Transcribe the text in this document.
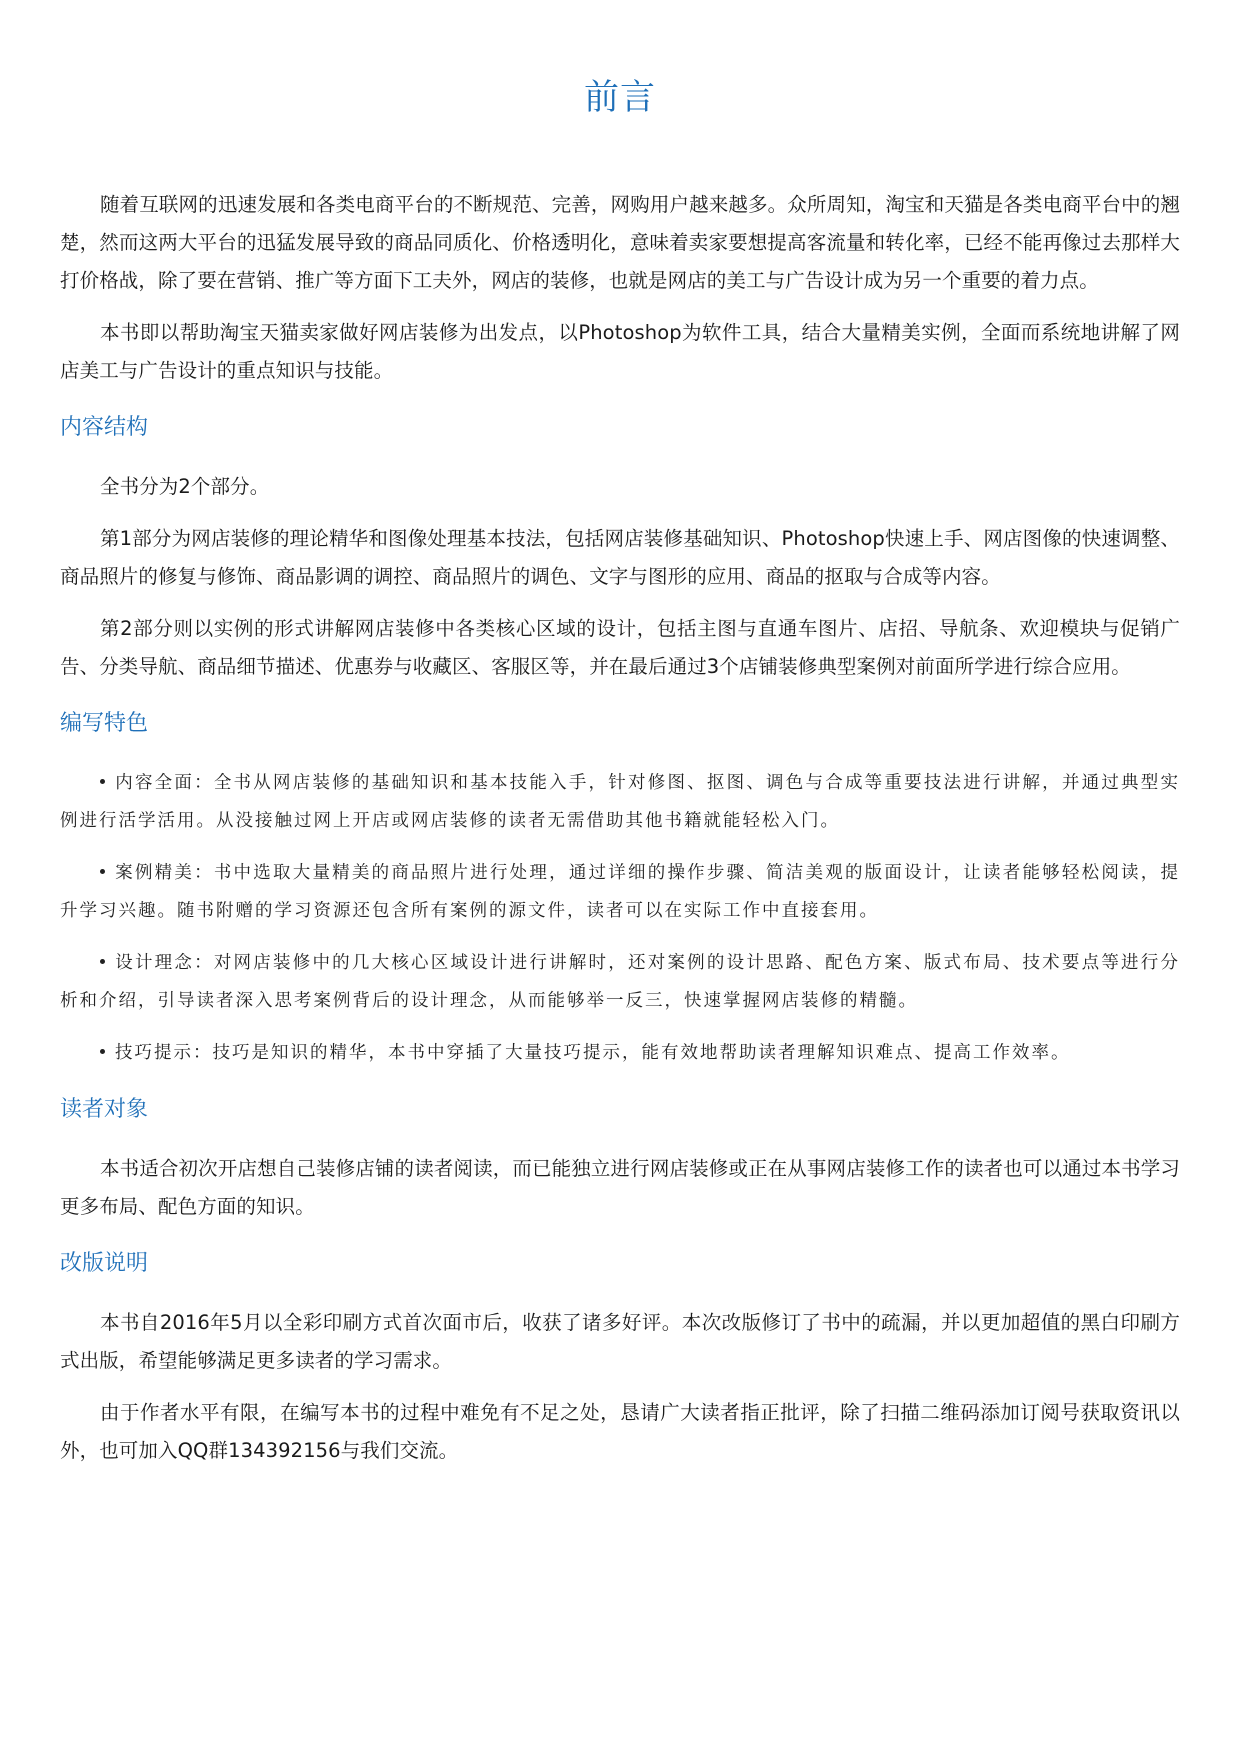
前言

随着互联网的迅速发展和各类电商平台的不断规范、完善，网购用户越来越多。众所周知，淘宝和天猫是各类电商平台中的翘楚，然而这两大平台的迅猛发展导致的商品同质化、价格透明化，意味着卖家要想提高客流量和转化率，已经不能再像过去那样大打价格战，除了要在营销、推广等方面下工夫外，网店的装修，也就是网店的美工与广告设计成为另一个重要的着力点。

本书即以帮助淘宝天猫卖家做好网店装修为出发点，以Photoshop为软件工具，结合大量精美实例，全面而系统地讲解了网店美工与广告设计的重点知识与技能。

内容结构

全书分为2个部分。

第1部分为网店装修的理论精华和图像处理基本技法，包括网店装修基础知识、Photoshop快速上手、网店图像的快速调整、商品照片的修复与修饰、商品影调的调控、商品照片的调色、文字与图形的应用、商品的抠取与合成等内容。

第2部分则以实例的形式讲解网店装修中各类核心区域的设计，包括主图与直通车图片、店招、导航条、欢迎模块与促销广告、分类导航、商品细节描述、优惠券与收藏区、客服区等，并在最后通过3个店铺装修典型案例对前面所学进行综合应用。

编写特色

内容全面：全书从网店装修的基础知识和基本技能入手，针对修图、抠图、调色与合成等重要技法进行讲解，并通过典型实例进行活学活用。从没接触过网上开店或网店装修的读者无需借助其他书籍就能轻松入门。

案例精美：书中选取大量精美的商品照片进行处理，通过详细的操作步骤、简洁美观的版面设计，让读者能够轻松阅读，提升学习兴趣。随书附赠的学习资源还包含所有案例的源文件，读者可以在实际工作中直接套用。

设计理念：对网店装修中的几大核心区域设计进行讲解时，还对案例的设计思路、配色方案、版式布局、技术要点等进行分析和介绍，引导读者深入思考案例背后的设计理念，从而能够举一反三，快速掌握网店装修的精髓。

技巧提示：技巧是知识的精华，本书中穿插了大量技巧提示，能有效地帮助读者理解知识难点、提高工作效率。

读者对象

本书适合初次开店想自己装修店铺的读者阅读，而已能独立进行网店装修或正在从事网店装修工作的读者也可以通过本书学习更多布局、配色方面的知识。

改版说明

本书自2016年5月以全彩印刷方式首次面市后，收获了诸多好评。本次改版修订了书中的疏漏，并以更加超值的黑白印刷方式出版，希望能够满足更多读者的学习需求。

由于作者水平有限，在编写本书的过程中难免有不足之处，恳请广大读者指正批评，除了扫描二维码添加订阅号获取资讯以外，也可加入QQ群134392156与我们交流。
